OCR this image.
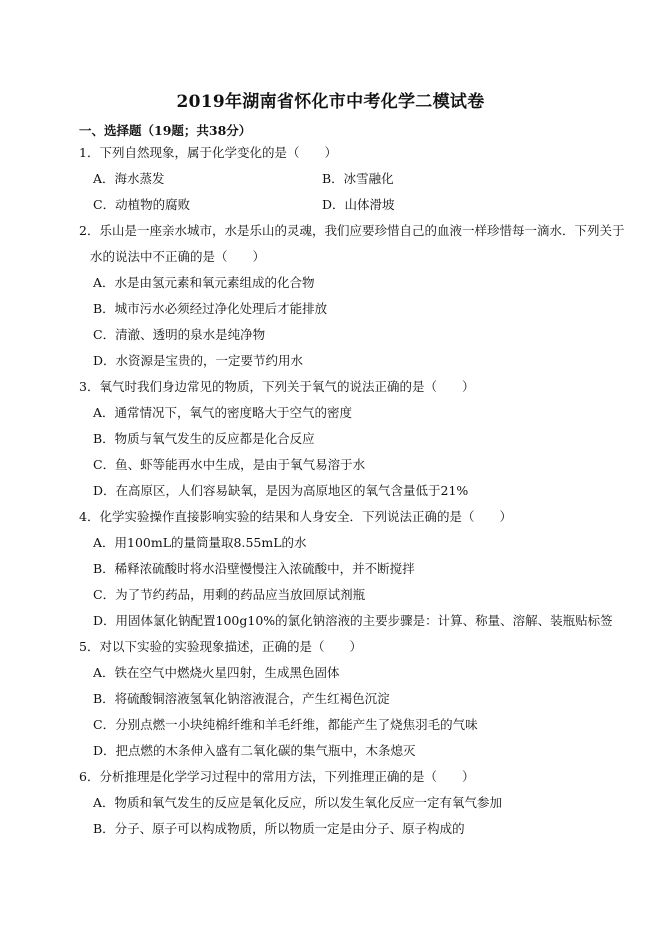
2019年湖南省怀化市中考化学二模试卷
一、选择题（19题；共38分）
1．下列自然现象，属于化学变化的是（　　）
A．海水蒸发	B．冰雪融化
C．动植物的腐败	D．山体滑坡
2．乐山是一座亲水城市，水是乐山的灵魂，我们应要珍惜自己的血液一样珍惜每一滴水．下列关于
水的说法中不正确的是（　　）
A．水是由氢元素和氧元素组成的化合物
B．城市污水必须经过净化处理后才能排放
C．清澈、透明的泉水是纯净物
D．水资源是宝贵的，一定要节约用水
3．氧气时我们身边常见的物质，下列关于氧气的说法正确的是（　　）
A．通常情况下，氧气的密度略大于空气的密度
B．物质与氧气发生的反应都是化合反应
C．鱼、虾等能再水中生成，是由于氧气易溶于水
D．在高原区，人们容易缺氧，是因为高原地区的氧气含量低于21%
4．化学实验操作直接影响实验的结果和人身安全．下列说法正确的是（　　）
A．用100mL的量筒量取8.55mL的水
B．稀释浓硫酸时将水沿壁慢慢注入浓硫酸中，并不断搅拌
C．为了节约药品，用剩的药品应当放回原试剂瓶
D．用固体氯化钠配置100g10%的氯化钠溶液的主要步骤是：计算、称量、溶解、装瓶贴标签
5．对以下实验的实验现象描述，正确的是（　　）
A．铁在空气中燃烧火星四射，生成黑色固体
B．将硫酸铜溶液氢氧化钠溶液混合，产生红褐色沉淀
C．分别点燃一小块纯棉纤维和羊毛纤维，都能产生了烧焦羽毛的气味
D．把点燃的木条伸入盛有二氧化碳的集气瓶中，木条熄灭
6．分析推理是化学学习过程中的常用方法，下列推理正确的是（　　）
A．物质和氧气发生的反应是氧化反应，所以发生氧化反应一定有氧气参加
B．分子、原子可以构成物质，所以物质一定是由分子、原子构成的
